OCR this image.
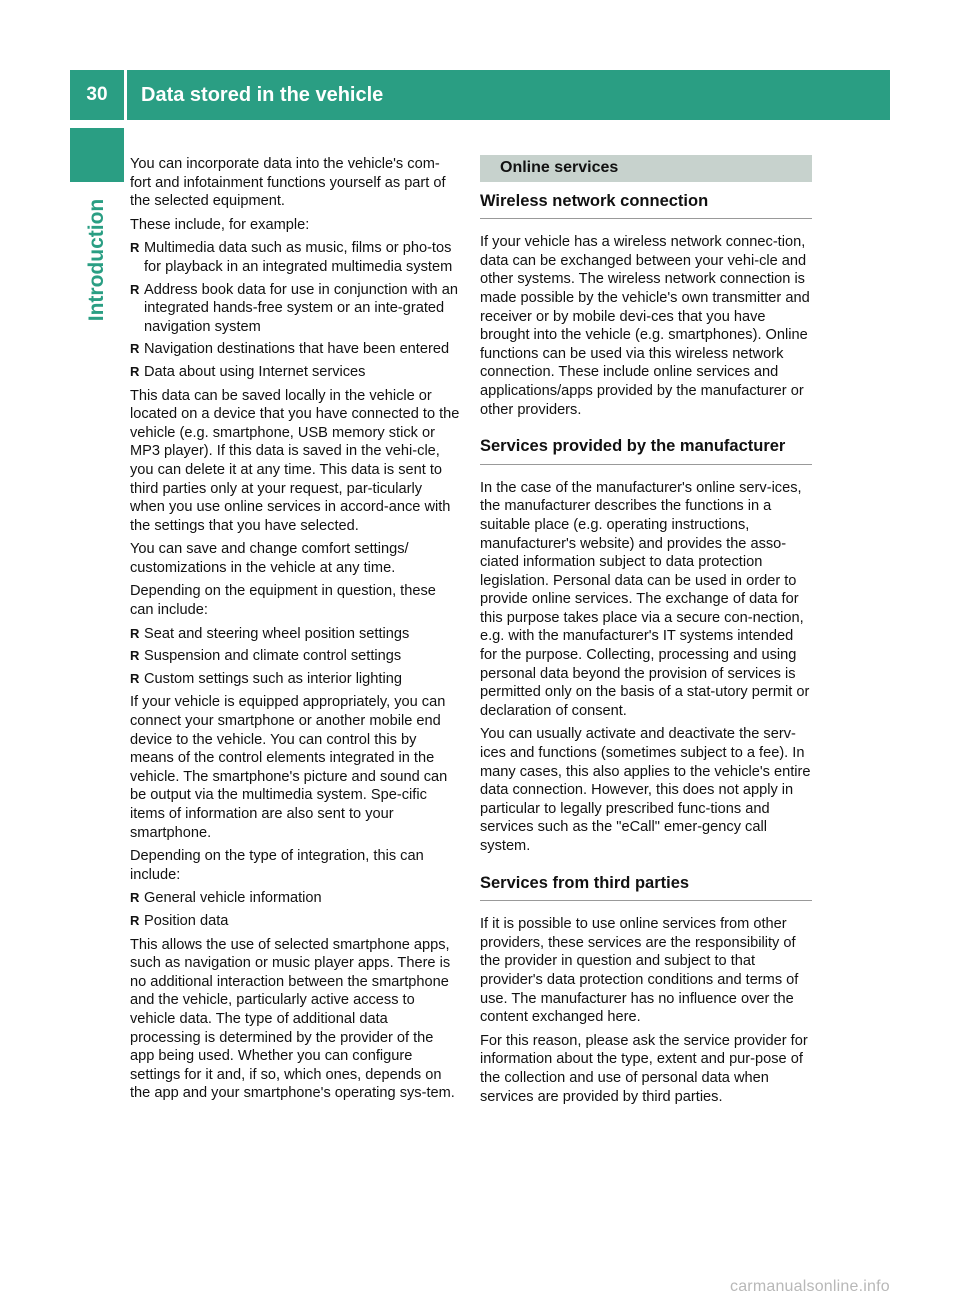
30	Data stored in the vehicle
Introduction

You can incorporate data into the vehicle's com-fort and infotainment functions yourself as part of the selected equipment.

These include, for example:

R Multimedia data such as music, films or pho-tos for playback in an integrated multimedia system
R Address book data for use in conjunction with an integrated hands-free system or an inte-grated navigation system
R Navigation destinations that have been entered
R Data about using Internet services

This data can be saved locally in the vehicle or located on a device that you have connected to the vehicle (e.g. smartphone, USB memory stick or MP3 player). If this data is saved in the vehi-cle, you can delete it at any time. This data is sent to third parties only at your request, par-ticularly when you use online services in accord-ance with the settings that you have selected.

You can save and change comfort settings/ customizations in the vehicle at any time.

Depending on the equipment in question, these can include:

R Seat and steering wheel position settings
R Suspension and climate control settings
R Custom settings such as interior lighting

If your vehicle is equipped appropriately, you can connect your smartphone or another mobile end device to the vehicle. You can control this by means of the control elements integrated in the vehicle. The smartphone's picture and sound can be output via the multimedia system. Spe-cific items of information are also sent to your smartphone.

Depending on the type of integration, this can include:

R General vehicle information
R Position data

This allows the use of selected smartphone apps, such as navigation or music player apps. There is no additional interaction between the smartphone and the vehicle, particularly active access to vehicle data. The type of additional data processing is determined by the provider of the app being used. Whether you can configure settings for it and, if so, which ones, depends on the app and your smartphone's operating sys-tem.

Online services
Wireless network connection

If your vehicle has a wireless network connec-tion, data can be exchanged between your vehi-cle and other systems. The wireless network connection is made possible by the vehicle's own transmitter and receiver or by mobile devi-ces that you have brought into the vehicle (e.g. smartphones). Online functions can be used via this wireless network connection. These include online services and applications/apps provided by the manufacturer or other providers.

Services provided by the manufacturer

In the case of the manufacturer's online serv-ices, the manufacturer describes the functions in a suitable place (e.g. operating instructions, manufacturer's website) and provides the asso-ciated information subject to data protection legislation. Personal data can be used in order to provide online services. The exchange of data for this purpose takes place via a secure con-nection, e.g. with the manufacturer's IT systems intended for the purpose. Collecting, processing and using personal data beyond the provision of services is permitted only on the basis of a stat-utory permit or declaration of consent.

You can usually activate and deactivate the serv-ices and functions (sometimes subject to a fee). In many cases, this also applies to the vehicle's entire data connection. However, this does not apply in particular to legally prescribed func-tions and services such as the "eCall" emer-gency call system.

Services from third parties

If it is possible to use online services from other providers, these services are the responsibility of the provider in question and subject to that provider's data protection conditions and terms of use. The manufacturer has no influence over the content exchanged here.

For this reason, please ask the service provider for information about the type, extent and pur-pose of the collection and use of personal data when services are provided by third parties.

carmanualsonline.info
